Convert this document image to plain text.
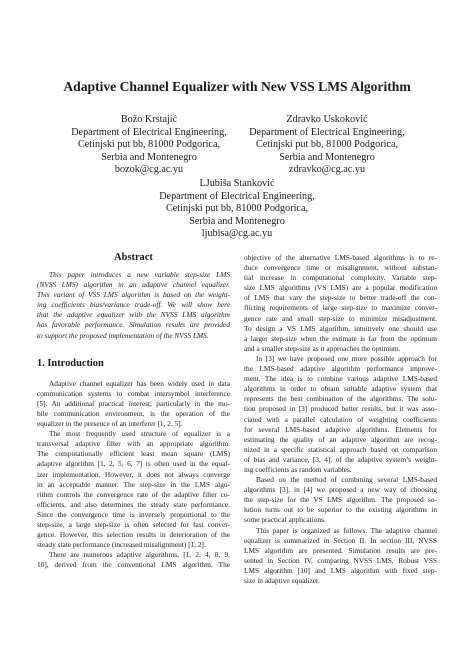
Adaptive Channel Equalizer with New VSS LMS Algorithm
Božo Krstajić
Department of Electrical Engineering,
Cetinjski put bb, 81000 Podgorica,
Serbia and Montenegro
bozok@cg.ac.yu
Zdravko Uskoković
Department of Electrical Engineering,
Cetinjski put bb, 81000 Podgorica,
Serbia and Montenegro
zdravko@cg.ac.yu
LJubiša Stanković
Department of Electrical Engineering,
Cetinjski put bb, 81000 Podgorica,
Serbia and Montenegro
ljubisa@cg.ac.yu
Abstract
This paper introduces a new variable step-size LMS
(NVSS LMS) algorithm in an adaptive channel equalizer.
This variant of VSS LMS algorithm is based on the weight-
ing coefficients bias/variance trade-off. We will show here
that the adaptive equalizer with the NVSS LMS algorithm
has favorable performance. Simulation results are provided
to support the proposed implementation of the NVSS LMS.
1. Introduction
Adaptive channel equalizer has been widely used in data
communication systems to combat intersymbol interference
[5]. An additional practical interest, particularly in the mo-
bile communication environment, is the operation of the
equalizer in the presence of an interferer [1, 2, 5].
The most frequently used structure of equalizer is a
transversal adaptive filter with an appropriate algorithm.
The computationally efficient least mean square (LMS)
adaptive algorithm [1, 2, 5, 6, 7] is often used in the equal-
izer implementation. However, it does not always converge
in an acceptable manner. The step-size in the LMS algo-
rithm controls the convergence rate of the adaptive filter co-
efficients, and also determines the steady state performance.
Since the convergence time is inversely proportional to the
step-size, a large step-size is often selected for fast conver-
gence. However, this selection results in deterioration of the
steady state performance (increased misalignment) [1, 2].
There are numerous adaptive algorithms, [1, 2, 4, 8, 9,
10], derived from the conventional LMS algorithm. The
objective of the alternative LMS-based algorithms is to re-
duce convergence time or misalignment, without substan-
tial increase in computational complexity. Variable step-
size LMS algorithms (VS LMS) are a popular modification
of LMS that vary the step-size to better trade-off the con-
flicting requirements of large step-size to maximize conver-
gence rate and small step-size to minimize misadjustment.
To design a VS LMS algorithm, intuitively one should use
a larger step-size when the estimate is far from the optimum
and a smaller step-size as it approaches the optimum.
In [3] we have proposed one more possible approach for
the LMS-based adaptive algorithm performance improve-
ment. The idea is to combine various adaptive LMS-based
algorithms in order to obtain suitable adaptive system that
represents the best combination of the algorithms. The solu-
tion proposed in [3] produced better results, but it was asso-
ciated with a parallel calculation of weighting coefficients
for several LMS-based adaptive algorithms. Elements for
estimating the quality of an adaptive algorithm are recog-
nized in a specific statistical approach based on comparison
of bias and variance, [3, 4], of the adaptive system’s weight-
ing coefficients as random variables.
Based on the method of combining several LMS-based
algorithms [3], in [4] we proposed a new way of choosing
the step-size for the VS LMS algorithm. The proposed so-
lution turns out to be superior to the existing algorithms in
some practical applications.
This paper is organized as follows. The adaptive channel
equalizer is summarized in Section II. In section III, NVSS
LMS algorithm are presented. Simulation results are pre-
sented in Section IV, comparing NVSS LMS, Robust VSS
LMS algorithm [10] and LMS algorithm with fixed step-
size in adaptive equalizer.
